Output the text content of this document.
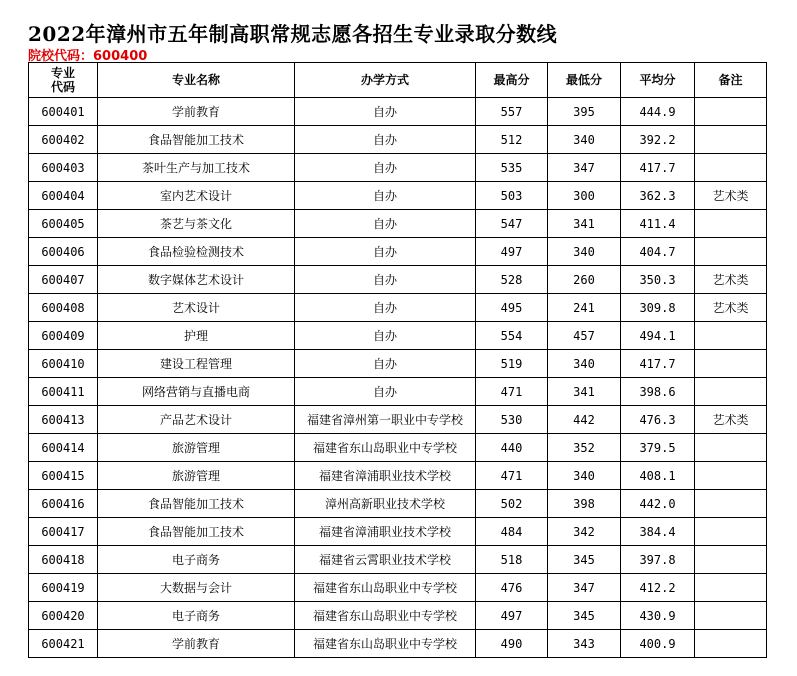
2022年漳州市五年制高职常规志愿各招生专业录取分数线
院校代码：600400
专业代码	专业名称	办学方式	最高分	最低分	平均分	备注
600401	学前教育	自办	557	395	444.9	
600402	食品智能加工技术	自办	512	340	392.2	
600403	茶叶生产与加工技术	自办	535	347	417.7	
600404	室内艺术设计	自办	503	300	362.3	艺术类
600405	茶艺与茶文化	自办	547	341	411.4	
600406	食品检验检测技术	自办	497	340	404.7	
600407	数字媒体艺术设计	自办	528	260	350.3	艺术类
600408	艺术设计	自办	495	241	309.8	艺术类
600409	护理	自办	554	457	494.1	
600410	建设工程管理	自办	519	340	417.7	
600411	网络营销与直播电商	自办	471	341	398.6	
600413	产品艺术设计	福建省漳州第一职业中专学校	530	442	476.3	艺术类
600414	旅游管理	福建省东山岛职业中专学校	440	352	379.5	
600415	旅游管理	福建省漳浦职业技术学校	471	340	408.1	
600416	食品智能加工技术	漳州高新职业技术学校	502	398	442.0	
600417	食品智能加工技术	福建省漳浦职业技术学校	484	342	384.4	
600418	电子商务	福建省云霄职业技术学校	518	345	397.8	
600419	大数据与会计	福建省东山岛职业中专学校	476	347	412.2	
600420	电子商务	福建省东山岛职业中专学校	497	345	430.9	
600421	学前教育	福建省东山岛职业中专学校	490	343	400.9	
